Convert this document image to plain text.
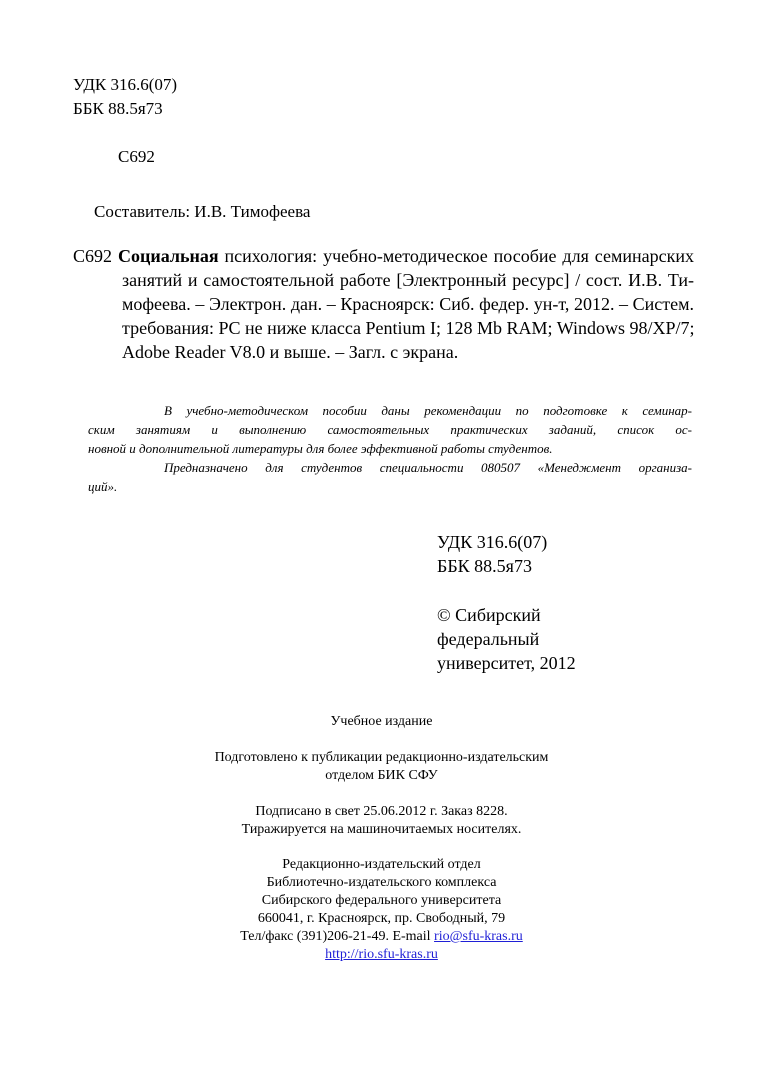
УДК 316.6(07)
ББК 88.5я73
С692
Составитель: И.В. Тимофеева
С692 Социальная психология: учебно-методическое пособие для семинарских
занятий и самостоятельной работе [Электронный ресурс] / сост. И.В. Ти-
мофеева. – Электрон. дан. – Красноярск: Сиб. федер. ун-т, 2012. – Систем.
требования: PC не ниже класса Pentium I; 128 Mb RAM; Windows 98/XP/7;
Adobe Reader V8.0 и выше. – Загл. с экрана.
В учебно-методическом пособии даны рекомендации по подготовке к семинар-
ским занятиям и выполнению самостоятельных практических заданий, список ос-
новной и дополнительной литературы для более эффективной работы студентов.
Предназначено для студентов специальности 080507 «Менеджмент организа-
ций».
УДК 316.6(07)
ББК 88.5я73
© Сибирский
федеральный
университет, 2012
Учебное издание
Подготовлено к публикации редакционно-издательским
отделом БИК СФУ
Подписано в свет 25.06.2012 г. Заказ 8228.
Тиражируется на машиночитаемых носителях.
Редакционно-издательский отдел
Библиотечно-издательского комплекса
Сибирского федерального университета
660041, г. Красноярск, пр. Свободный, 79
Тел/факс (391)206-21-49. E-mail rio@sfu-kras.ru
http://rio.sfu-kras.ru
